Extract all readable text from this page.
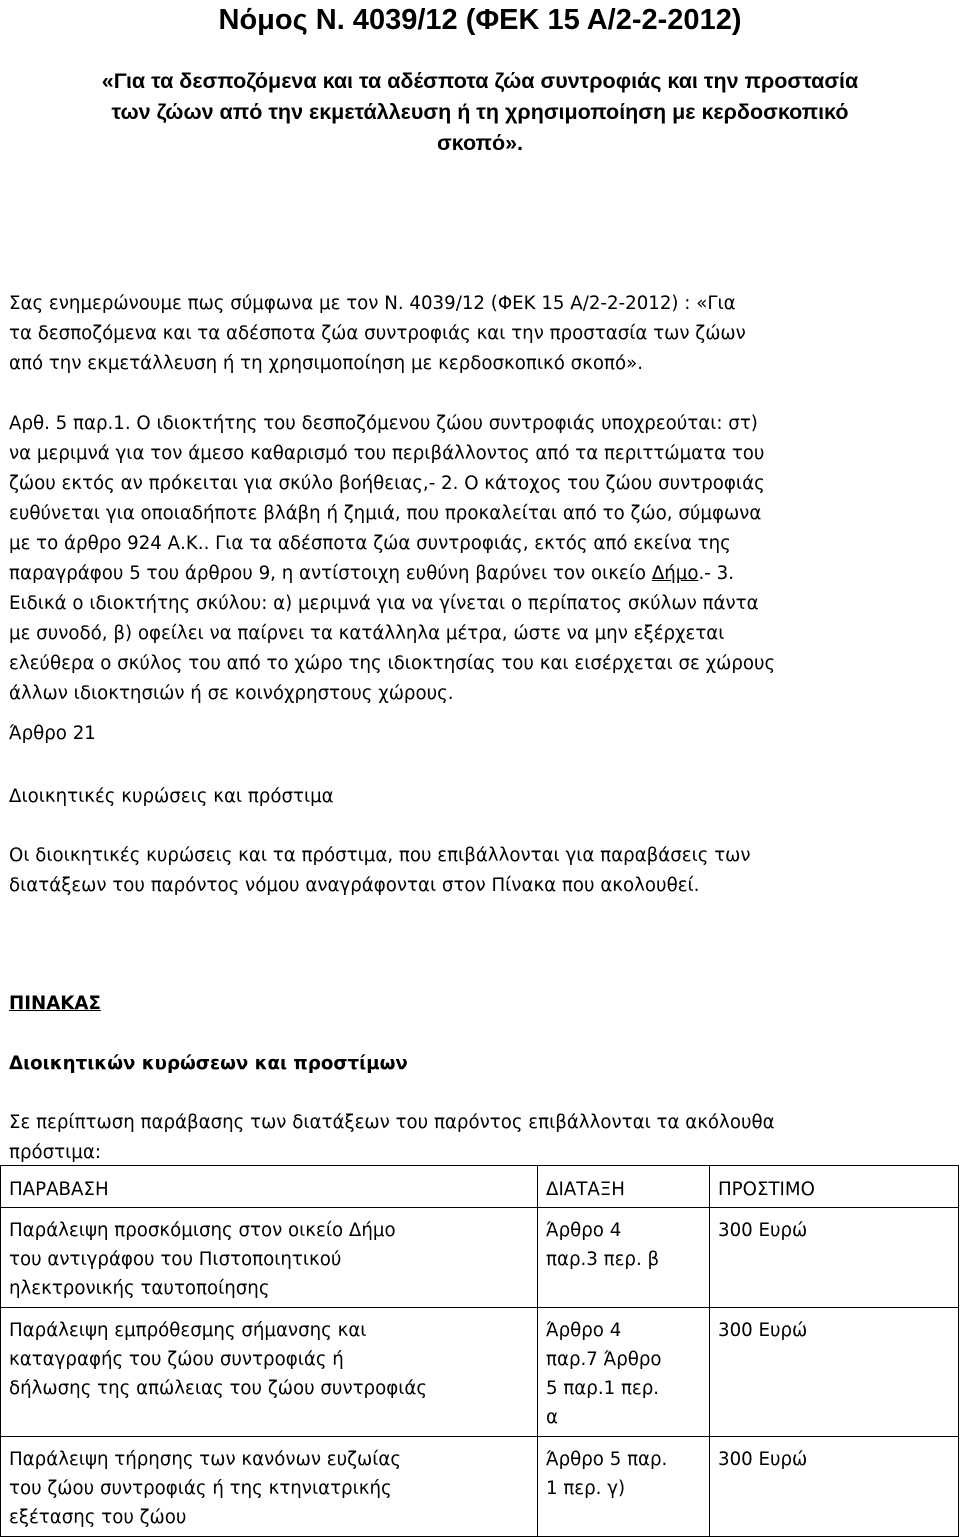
Νόμος Ν. 4039/12 (ΦΕΚ 15 Α/2-2-2012)
«Για τα δεσποζόμενα και τα αδέσποτα ζώα συντροφιάς και την προστασία
των ζώων από την εκμετάλλευση ή τη χρησιμοποίηση με κερδοσκοπικό
σκοπό».
Σας ενημερώνουμε πως σύμφωνα με τον Ν. 4039/12 (ΦΕΚ 15 Α/2-2-2012) : «Για
τα δεσποζόμενα και τα αδέσποτα ζώα συντροφιάς και την προστασία των ζώων
από την εκμετάλλευση ή τη χρησιμοποίηση με κερδοσκοπικό σκοπό».
Αρθ. 5 παρ.1. Ο ιδιοκτήτης του δεσποζόμενου ζώου συντροφιάς υποχρεούται: στ)
να μεριμνά για τον άμεσο καθαρισμό του περιβάλλοντος από τα περιττώματα του
ζώου εκτός αν πρόκειται για σκύλο βοήθειας,- 2. Ο κάτοχος του ζώου συντροφιάς
ευθύνεται για οποιαδήποτε βλάβη ή ζημιά, που προκαλείται από το ζώο, σύμφωνα
με το άρθρο 924 Α.Κ.. Για τα αδέσποτα ζώα συντροφιάς, εκτός από εκείνα της
παραγράφου 5 του άρθρου 9, η αντίστοιχη ευθύνη βαρύνει τον οικείο Δήμο.- 3.
Ειδικά ο ιδιοκτήτης σκύλου: α) μεριμνά για να γίνεται ο περίπατος σκύλων πάντα
με συνοδό, β) οφείλει να παίρνει τα κατάλληλα μέτρα, ώστε να μην εξέρχεται
ελεύθερα ο σκύλος του από το χώρο της ιδιοκτησίας του και εισέρχεται σε χώρους
άλλων ιδιοκτησιών ή σε κοινόχρηστους χώρους.
Άρθρο 21
Διοικητικές κυρώσεις και πρόστιμα
Οι διοικητικές κυρώσεις και τα πρόστιμα, που επιβάλλονται για παραβάσεις των
διατάξεων του παρόντος νόμου αναγράφονται στον Πίνακα που ακολουθεί.
ΠΙΝΑΚΑΣ
Διοικητικών κυρώσεων και προστίμων
Σε περίπτωση παράβασης των διατάξεων του παρόντος επιβάλλονται τα ακόλουθα
πρόστιμα:
ΠΑΡΑΒΑΣΗ	ΔΙΑΤΑΞΗ	ΠΡΟΣΤΙΜΟ

Παράλειψη προσκόμισης στον οικείο Δήμο
του αντιγράφου του Πιστοποιητικού
ηλεκτρονικής ταυτοποίησης	Άρθρο 4
παρ.3 περ. β	300 Ευρώ

Παράλειψη εμπρόθεσμης σήμανσης και
καταγραφής του ζώου συντροφιάς ή
δήλωσης της απώλειας του ζώου συντροφιάς	Άρθρο 4
παρ.7 Άρθρο
5 παρ.1 περ.
α	300 Ευρώ

Παράλειψη τήρησης των κανόνων ευζωίας
του ζώου συντροφιάς ή της κτηνιατρικής
εξέτασης του ζώου	Άρθρο 5 παρ.
1 περ. γ)	300 Ευρώ
